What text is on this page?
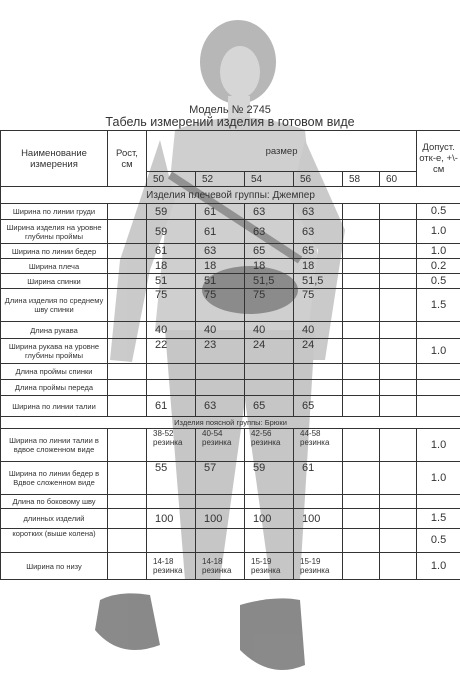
Модель № 2745
Табель измерений изделия в готовом виде
Наименование измерения	Рост, см	размер						Допуст. отк-е, +\-см
		50	52	54	56	58	60	
Изделия плечевой группы: Джемпер								
Ширина по линии груди		59	61	63	63			0.5
Ширина изделия на уровне глубины проймы		59	61	63	63			1.0
Ширина по линии бедер		61	63	65	65			1.0
Ширина плеча		18	18	18	18			0.2
Ширина спинки		51	51	51,5	51,5			0.5
Длина изделия по среднему шву спинки		75	75	75	75			1.5
Длина рукава		40	40	40	40			
Ширина рукава на уровне глубины проймы		22	23	24	24			1.0
Длина проймы спинки								
Длина проймы переда								
Ширина по линии талии		61	63	65	65			
Изделия поясной группы: Брюки								
Ширина по линии талии в вдвое сложенном виде		38-52 резинка	40-54 резинка	42-56 резинка	44-58 резинка			1.0
Ширина по линии бедер в Вдвое сложенном виде		55	57	59	61			1.0
Длина по боковому шву								
длинных изделий		100	100	100	100			1.5
коротких (выше колена)								0.5
Ширина по низу		14-18 резинка	14-18 резинка	15-19 резинка	15-19 резинка			1.0
